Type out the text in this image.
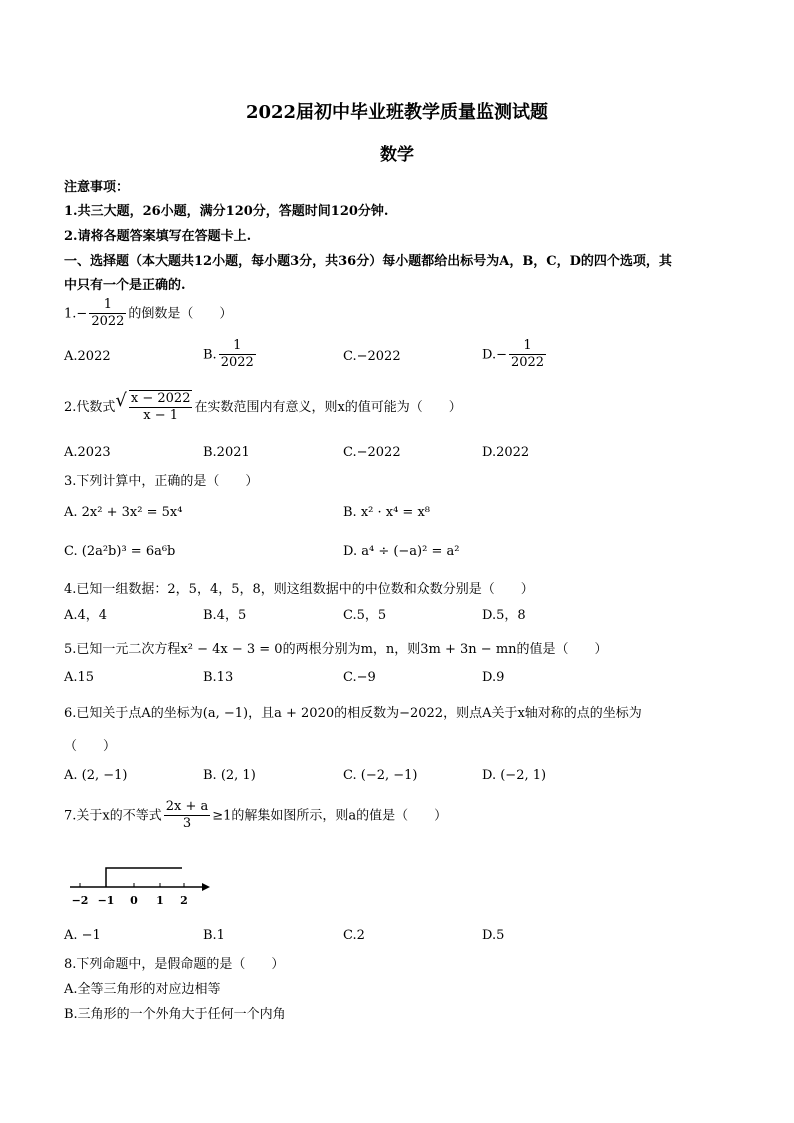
2022届初中毕业班教学质量监测试题
数学
注意事项：
1.共三大题，26小题，满分120分，答题时间120分钟.
2.请将各题答案填写在答题卡上.
一、选择题（本大题共12小题，每小题3分，共36分）每小题都给出标号为A，B，C，D的四个选项，其
中只有一个是正确的.
$1.- \frac{1}{2022}$ 的倒数是（　　）
A.2022	B. $\frac{1}{2022}$	C.−2022	$D.- \frac{1}{2022}$
2.代数式√ $\frac{x - 2022}{x - 1}$ 在实数范围内有意义，则x的值可能为（　　）
A.2023	B.2021	C.−2022	D.2022
3.下列计算中，正确的是（　　）
A. 2x² + 3x² = 5x⁴	B. x² · x⁴ = x⁸
C. (2a²b)³ = 6a⁶b	D. a⁴ ÷ (−a)² = a²
4.已知一组数据：2，5，4，5，8，则这组数据中的中位数和众数分别是（　　）
A.4，4	B.4，5	C.5，5	D.5，8
5.已知一元二次方程x² − 4x − 3 = 0的两根分别为m，n，则3m + 3n − mn的值是（　　）
A.15	B.13	C.−9	D.9
6.已知关于点A的坐标为(a, −1)，且a + 2020的相反数为−2022，则点A关于x轴对称的点的坐标为
（　　）
A. (2, −1)	B. (2, 1)	C. (−2, −1)	D. (−2, 1)
7.关于x的不等式 $\frac{2x + a}{3} \ge 1$的解集如图所示，则a的值是（　　）
−2 −1 0 1 2
A. −1	B.1	C.2	D.5
8.下列命题中，是假命题的是（　　）
A.全等三角形的对应边相等
B.三角形的一个外角大于任何一个内角
